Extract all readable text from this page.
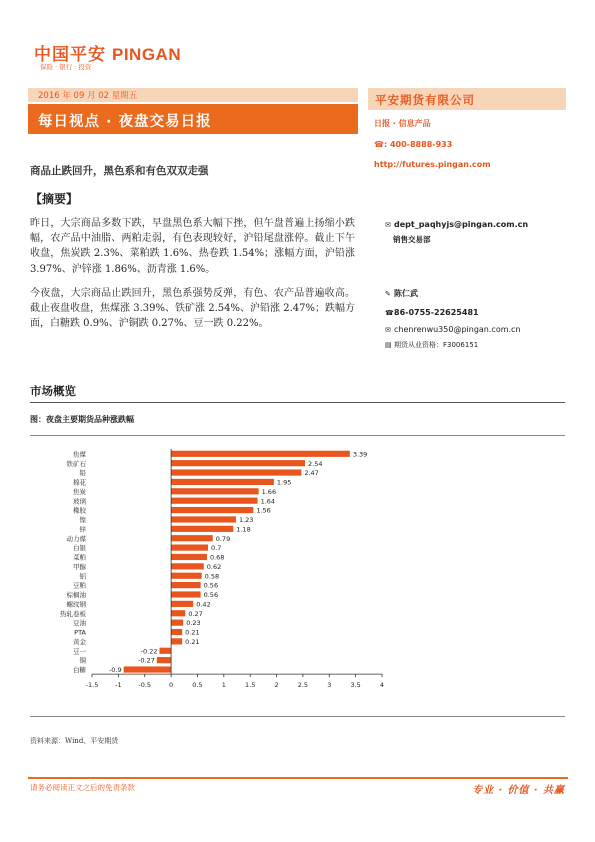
中国平安 PINGAN
保险 · 银行 · 投资
2016 年 09 月 02 星期五
每日视点 · 夜盘交易日报
平安期货有限公司
日报 · 信息产品
☎: 400-8888-933
http://futures.pingan.com
商品止跌回升，黑色系和有色双双走强
【摘要】

昨日，大宗商品多数下跌，早盘黑色系大幅下挫，但午盘普遍上扬缩小跌幅，农产品中油脂、两粕走弱，有色表现较好，沪铅尾盘涨停。截止下午收盘，焦炭跌 2.3%、菜粕跌 1.6%、热卷跌 1.54%；涨幅方面，沪铅涨 3.97%、沪锌涨 1.86%、沥青涨 1.6%。

今夜盘，大宗商品止跌回升，黑色系强势反弹，有色、农产品普遍收高。截止夜盘收盘，焦煤涨 3.39%、铁矿涨 2.54%、沪铅涨 2.47%；跌幅方面，白糖跌 0.9%、沪铜跌 0.27%、豆一跌 0.22%。

✉ dept_paqhyjs@pingan.com.cn
销售交易部
✎ 陈仁武
☎86-0755-22625481
✉ chenrenwu350@pingan.com.cn
▤ 期货从业资格：F3006151
市场概览
图：夜盘主要期货品种涨跌幅
焦煤	3.39
铁矿石	2.54
铅	2.47
棉花	1.95
焦炭	1.66
玻璃	1.64
橡胶	1.56
镍	1.23
锌	1.18
动力煤	0.79
白银	0.7
菜粕	0.68
甲醇	0.62
铝	0.58
豆粕	0.56
棕榈油	0.56
螺纹钢	0.42
热轧卷板	0.27
豆油	0.23
PTA	0.21
黄金	0.21
豆一	-0.22
铜	-0.27
白糖	-0.9
-1.5	-1	-0.5	0	0.5	1	1.5	2	2.5	3	3.5	4
资料来源：Wind、平安期货
请务必阅读正文之后的免责条款	专业 · 价值 · 共赢
